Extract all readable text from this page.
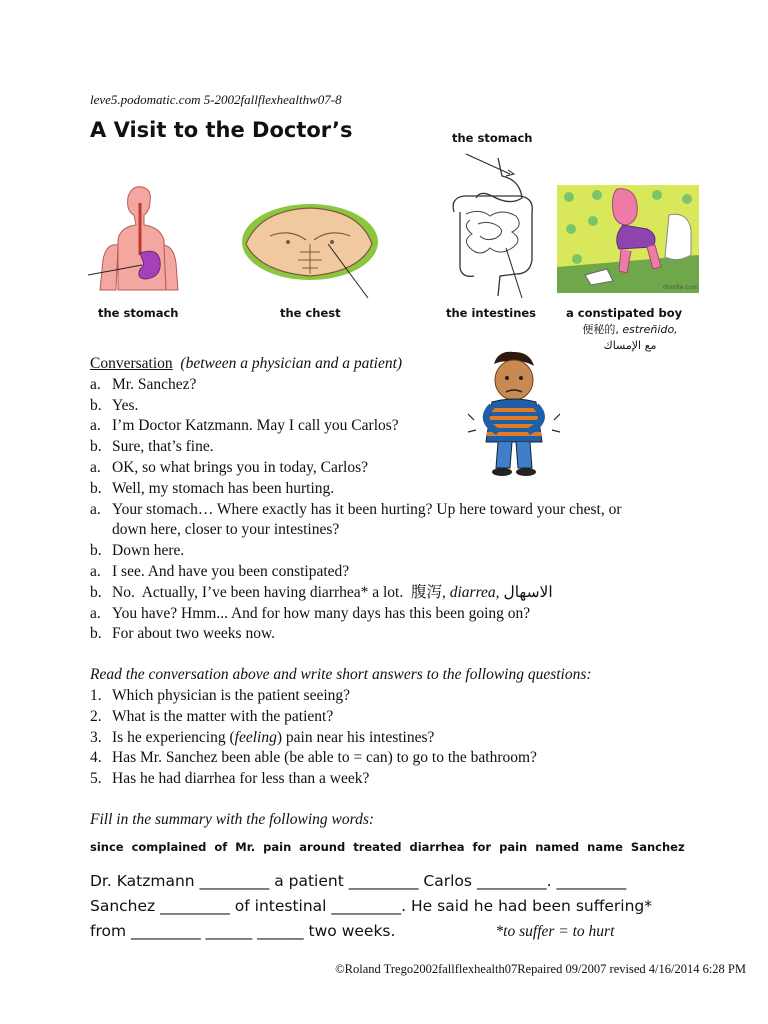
leve5.podomatic.com 5-2002fallflexhealthw07-8
A Visit to the Doctor’s	the stomach
the stomach	the chest	the intestines
doodle.com
a constipated boy
便秘的, estreñido,
مع الإمساك
Conversation
(between a physician and a patient)
a. Mr. Sanchez?
b. Yes.
a. I’m Doctor Katzmann. May I call you Carlos?
b. Sure, that’s fine.
a. OK, so what brings you in today, Carlos?
b. Well, my stomach has been hurting.
a. Your stomach… Where exactly has it been hurting? Up here toward your chest, or
down here, closer to your intestines?
b. Down here.
a. I see. And have you been constipated?
b. No.  Actually, I’ve been having diarrhea* a lot.  腹泻, diarrea, الاسهال
a. You have? Hmm... And for how many days has this been going on?
b. For about two weeks now.
Read the conversation above and write short answers to the following questions:
1. Which physician is the patient seeing?
2. What is the matter with the patient?
3. Is he experiencing (feeling) pain near his intestines?
4. Has Mr. Sanchez been able (be able to = can) to go to the bathroom?
5. Has he had diarrhea for less than a week?
Fill in the summary with the following words:
since complained of Mr. pain around treated diarrhea for pain named name Sanchez
Dr. Katzmann _________ a patient _________ Carlos _________. _________
Sanchez _________ of intestinal _________. He said he had been suffering*
from _________ ______ ______ two weeks.	*to suffer = to hurt
©Roland Trego2002fallflexhealth07Repaired 09/2007 revised 4/16/2014 6:28 PM
